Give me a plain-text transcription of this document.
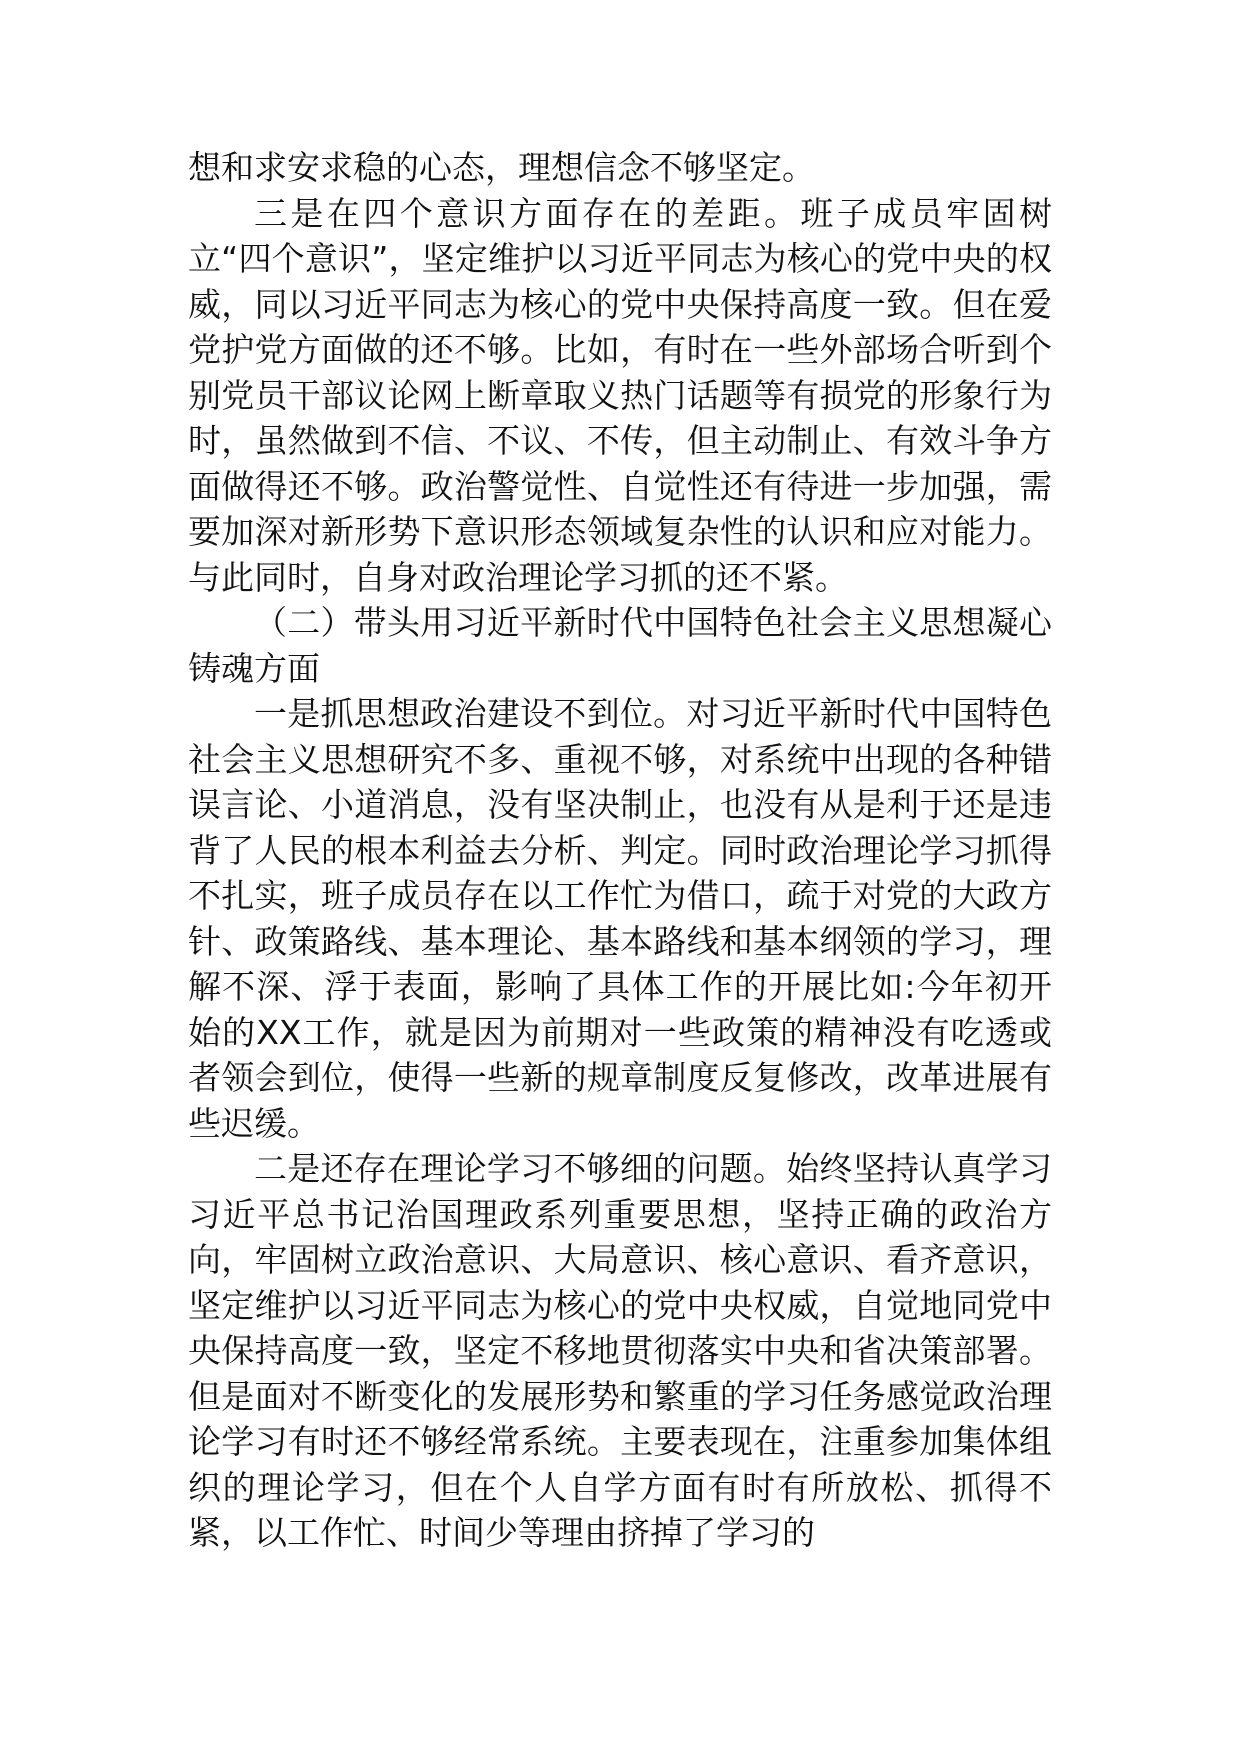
想和求安求稳的心态，理想信念不够坚定。

三是在四个意识方面存在的差距。班子成员牢固树立“四个意识”，坚定维护以习近平同志为核心的党中央的权威，同以习近平同志为核心的党中央保持高度一致。但在爱党护党方面做的还不够。比如，有时在一些外部场合听到个别党员干部议论网上断章取义热门话题等有损党的形象行为时，虽然做到不信、不议、不传，但主动制止、有效斗争方面做得还不够。政治警觉性、自觉性还有待进一步加强，需要加深对新形势下意识形态领域复杂性的认识和应对能力。与此同时，自身对政治理论学习抓的还不紧。

（二）带头用习近平新时代中国特色社会主义思想凝心铸魂方面

一是抓思想政治建设不到位。对习近平新时代中国特色社会主义思想研究不多、重视不够，对系统中出现的各种错误言论、小道消息，没有坚决制止，也没有从是利于还是违背了人民的根本利益去分析、判定。同时政治理论学习抓得不扎实，班子成员存在以工作忙为借口，疏于对党的大政方针、政策路线、基本理论、基本路线和基本纲领的学习，理解不深、浮于表面，影响了具体工作的开展比如:今年初开始的XX工作，就是因为前期对一些政策的精神没有吃透或者领会到位，使得一些新的规章制度反复修改，改革进展有些迟缓。

二是还存在理论学习不够细的问题。始终坚持认真学习习近平总书记治国理政系列重要思想，坚持正确的政治方向，牢固树立政治意识、大局意识、核心意识、看齐意识，坚定维护以习近平同志为核心的党中央权威，自觉地同党中央保持高度一致，坚定不移地贯彻落实中央和省决策部署。但是面对不断变化的发展形势和繁重的学习任务感觉政治理论学习有时还不够经常系统。主要表现在，注重参加集体组织的理论学习，但在个人自学方面有时有所放松、抓得不紧，以工作忙、时间少等理由挤掉了学习的
